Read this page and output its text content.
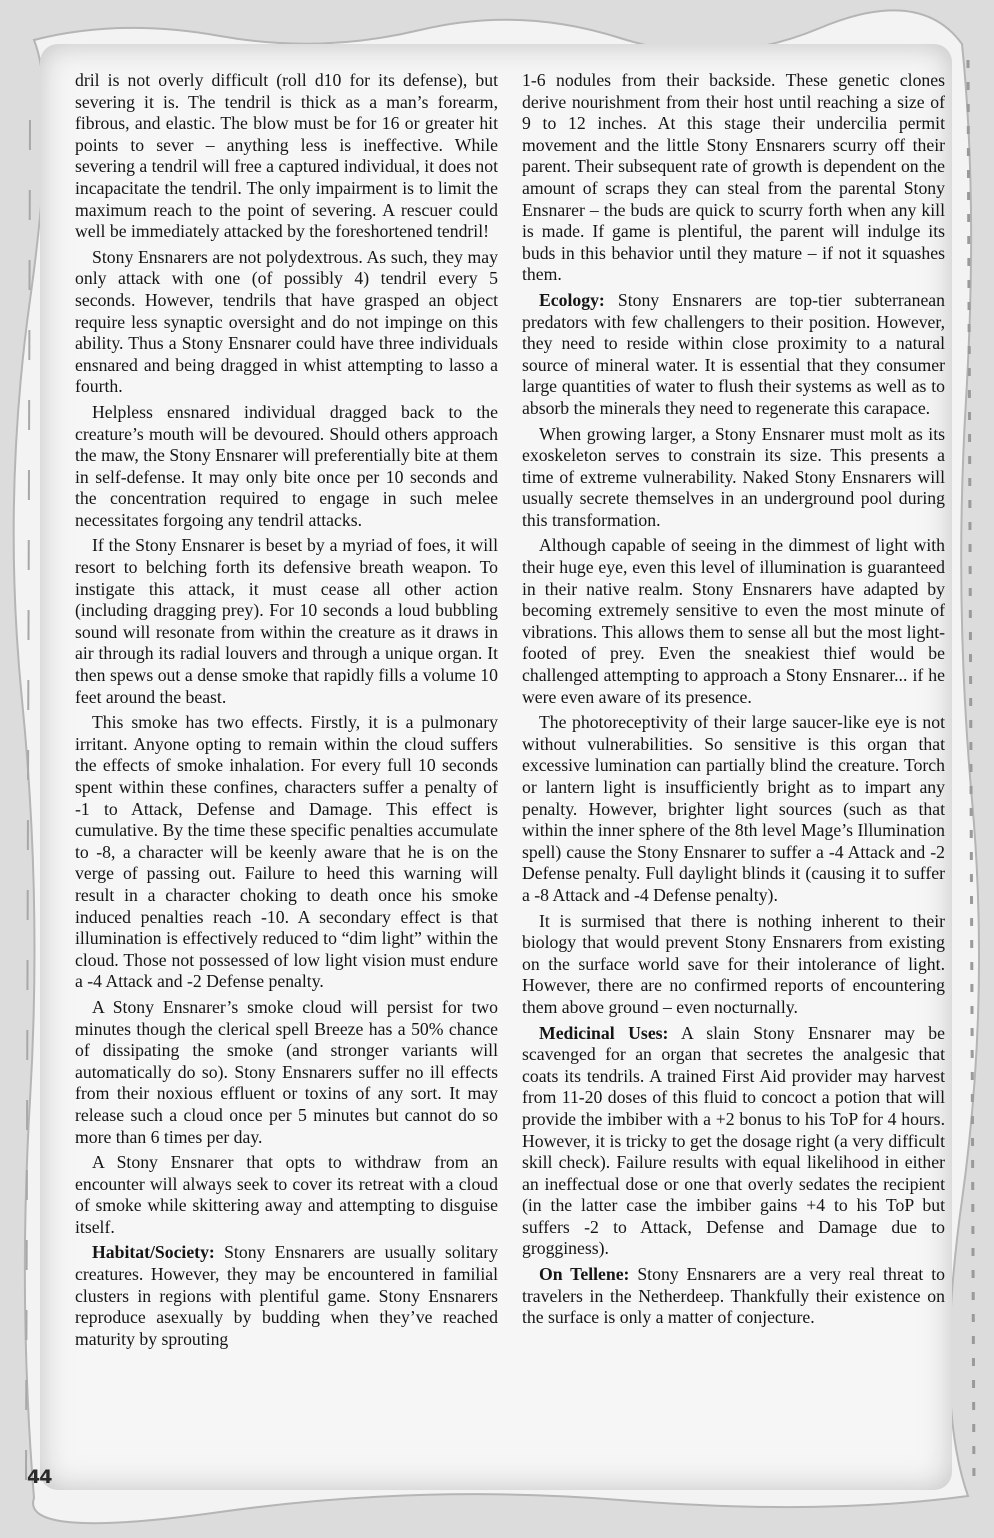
dril is not overly difficult (roll d10 for its defense), but severing it is. The tendril is thick as a man’s forearm, fibrous, and elastic. The blow must be for 16 or greater hit points to sever – anything less is ineffective. While severing a tendril will free a captured individual, it does not incapacitate the tendril. The only impairment is to limit the maximum reach to the point of severing. A rescuer could well be immediately attacked by the foreshortened tendril!

Stony Ensnarers are not polydextrous. As such, they may only attack with one (of possibly 4) tendril every 5 seconds. However, tendrils that have grasped an object require less synaptic oversight and do not impinge on this ability. Thus a Stony Ensnarer could have three individuals ensnared and being dragged in whist attempting to lasso a fourth.

Helpless ensnared individual dragged back to the creature’s mouth will be devoured. Should others approach the maw, the Stony Ensnarer will preferentially bite at them in self-defense. It may only bite once per 10 seconds and the concentration required to engage in such melee necessitates forgoing any tendril attacks.

If the Stony Ensnarer is beset by a myriad of foes, it will resort to belching forth its defensive breath weapon. To instigate this attack, it must cease all other action (including dragging prey). For 10 seconds a loud bubbling sound will resonate from within the creature as it draws in air through its radial louvers and through a unique organ. It then spews out a dense smoke that rapidly fills a volume 10 feet around the beast.

This smoke has two effects. Firstly, it is a pulmonary irritant. Anyone opting to remain within the cloud suffers the effects of smoke inhalation. For every full 10 seconds spent within these confines, characters suffer a penalty of -1 to Attack, Defense and Damage. This effect is cumulative. By the time these specific penalties accumulate to -8, a character will be keenly aware that he is on the verge of passing out. Failure to heed this warning will result in a character choking to death once his smoke induced penalties reach -10. A secondary effect is that illumination is effectively reduced to “dim light” within the cloud. Those not possessed of low light vision must endure a -4 Attack and -2 Defense penalty.

A Stony Ensnarer’s smoke cloud will persist for two minutes though the clerical spell Breeze has a 50% chance of dissipating the smoke (and stronger variants will automatically do so). Stony Ensnarers suffer no ill effects from their noxious effluent or toxins of any sort. It may release such a cloud once per 5 minutes but cannot do so more than 6 times per day.

A Stony Ensnarer that opts to withdraw from an encounter will always seek to cover its retreat with a cloud of smoke while skittering away and attempting to disguise itself.

Habitat/Society: Stony Ensnarers are usually solitary creatures. However, they may be encountered in familial clusters in regions with plentiful game. Stony Ensnarers reproduce asexually by budding when they’ve reached maturity by sprouting

1-6 nodules from their backside. These genetic clones derive nourishment from their host until reaching a size of 9 to 12 inches. At this stage their undercilia permit movement and the little Stony Ensnarers scurry off their parent. Their subsequent rate of growth is dependent on the amount of scraps they can steal from the parental Stony Ensnarer – the buds are quick to scurry forth when any kill is made. If game is plentiful, the parent will indulge its buds in this behavior until they mature – if not it squashes them.

Ecology: Stony Ensnarers are top-tier subterranean predators with few challengers to their position. However, they need to reside within close proximity to a natural source of mineral water. It is essential that they consumer large quantities of water to flush their systems as well as to absorb the minerals they need to regenerate this carapace.

When growing larger, a Stony Ensnarer must molt as its exoskeleton serves to constrain its size. This presents a time of extreme vulnerability. Naked Stony Ensnarers will usually secrete themselves in an underground pool during this transformation.

Although capable of seeing in the dimmest of light with their huge eye, even this level of illumination is guaranteed in their native realm. Stony Ensnarers have adapted by becoming extremely sensitive to even the most minute of vibrations. This allows them to sense all but the most light-footed of prey. Even the sneakiest thief would be challenged attempting to approach a Stony Ensnarer... if he were even aware of its presence.

The photoreceptivity of their large saucer-like eye is not without vulnerabilities. So sensitive is this organ that excessive lumination can partially blind the creature. Torch or lantern light is insufficiently bright as to impart any penalty. However, brighter light sources (such as that within the inner sphere of the 8th level Mage’s Illumination spell) cause the Stony Ensnarer to suffer a -4 Attack and -2 Defense penalty. Full daylight blinds it (causing it to suffer a -8 Attack and -4 Defense penalty).

It is surmised that there is nothing inherent to their biology that would prevent Stony Ensnarers from existing on the surface world save for their intolerance of light. However, there are no confirmed reports of encountering them above ground – even nocturnally.

Medicinal Uses: A slain Stony Ensnarer may be scavenged for an organ that secretes the analgesic that coats its tendrils. A trained First Aid provider may harvest from 11-20 doses of this fluid to concoct a potion that will provide the imbiber with a +2 bonus to his ToP for 4 hours. However, it is tricky to get the dosage right (a very difficult skill check). Failure results with equal likelihood in either an ineffectual dose or one that overly sedates the recipient (in the latter case the imbiber gains +4 to his ToP but suffers -2 to Attack, Defense and Damage due to grogginess).

On Tellene: Stony Ensnarers are a very real threat to travelers in the Netherdeep. Thankfully their existence on the surface is only a matter of conjecture.

44
